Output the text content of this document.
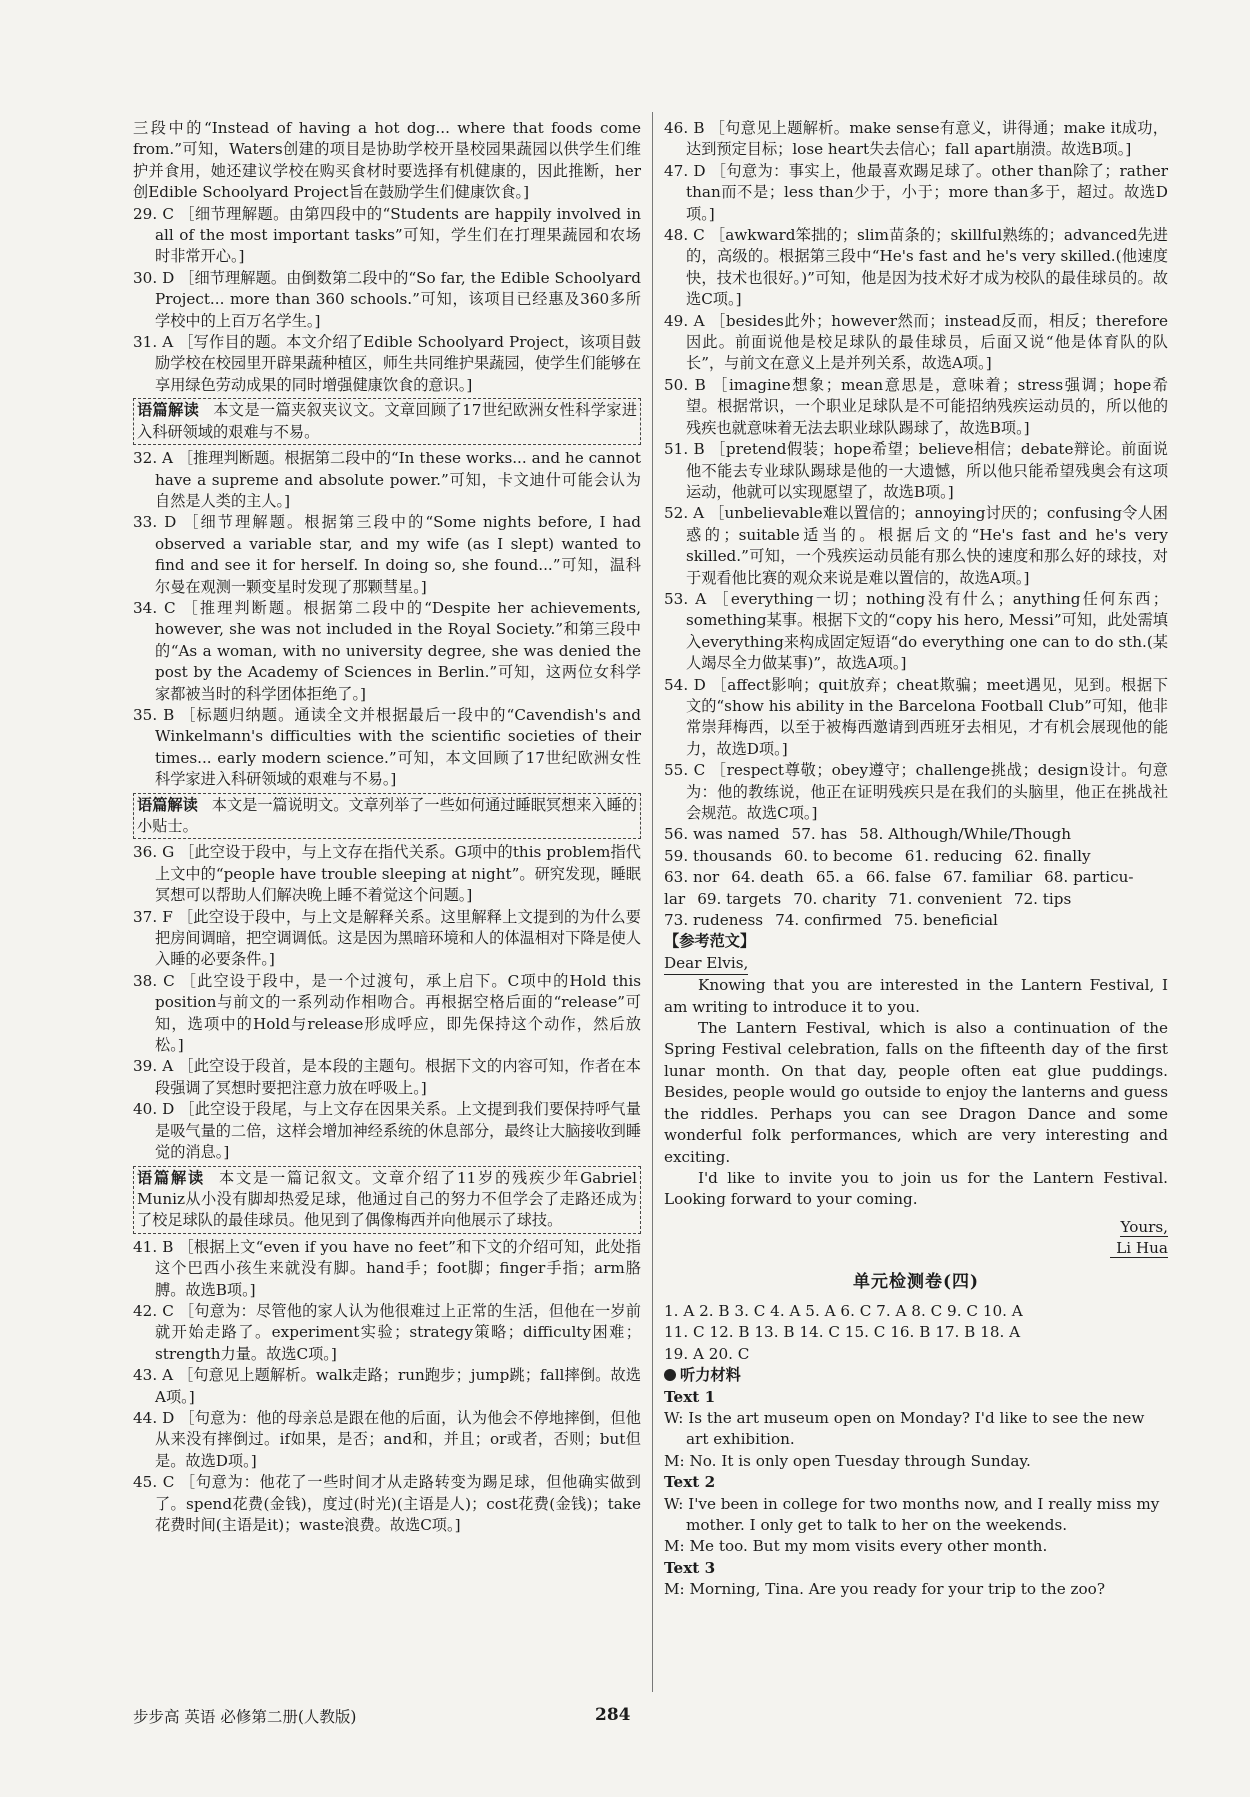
三段中的“Instead of having a hot dog... where that foods come from.”可知，Waters创建的项目是协助学校开垦校园果蔬园以供学生们维护并食用，她还建议学校在购买食材时要选择有机健康的，因此推断，her创Edible Schoolyard Project旨在鼓励学生们健康饮食。]

29. C ［细节理解题。由第四段中的“Students are happily involved in all of the most important tasks”可知，学生们在打理果蔬园和农场时非常开心。]

30. D ［细节理解题。由倒数第二段中的“So far, the Edible Schoolyard Project... more than 360 schools.”可知，该项目已经惠及360多所学校中的上百万名学生。]

31. A ［写作目的题。本文介绍了Edible Schoolyard Project，该项目鼓励学校在校园里开辟果蔬种植区，师生共同维护果蔬园，使学生们能够在享用绿色劳动成果的同时增强健康饮食的意识。]

语篇解读 本文是一篇夹叙夹议文。文章回顾了17世纪欧洲女性科学家进入科研领域的艰难与不易。

32. A ［推理判断题。根据第二段中的“In these works... and he cannot have a supreme and absolute power.”可知，卡文迪什可能会认为自然是人类的主人。]

33. D ［细节理解题。根据第三段中的“Some nights before, I had observed a variable star, and my wife (as I slept) wanted to find and see it for herself. In doing so, she found...”可知，温科尔曼在观测一颗变星时发现了那颗彗星。]

34. C ［推理判断题。根据第二段中的“Despite her achievements, however, she was not included in the Royal Society.”和第三段中的“As a woman, with no university degree, she was denied the post by the Academy of Sciences in Berlin.”可知，这两位女科学家都被当时的科学团体拒绝了。]

35. B ［标题归纳题。通读全文并根据最后一段中的“Cavendish's and Winkelmann's difficulties with the scientific societies of their times... early modern science.”可知，本文回顾了17世纪欧洲女性科学家进入科研领域的艰难与不易。]

语篇解读 本文是一篇说明文。文章列举了一些如何通过睡眠冥想来入睡的小贴士。

36. G ［此空设于段中，与上文存在指代关系。G项中的this problem指代上文中的“people have trouble sleeping at night”。研究发现，睡眠冥想可以帮助人们解决晚上睡不着觉这个问题。]

37. F ［此空设于段中，与上文是解释关系。这里解释上文提到的为什么要把房间调暗，把空调调低。这是因为黑暗环境和人的体温相对下降是使人入睡的必要条件。]

38. C ［此空设于段中，是一个过渡句，承上启下。C项中的Hold this position与前文的一系列动作相吻合。再根据空格后面的“release”可知，选项中的Hold与release形成呼应，即先保持这个动作，然后放松。]

39. A ［此空设于段首，是本段的主题句。根据下文的内容可知，作者在本段强调了冥想时要把注意力放在呼吸上。]

40. D ［此空设于段尾，与上文存在因果关系。上文提到我们要保持呼气量是吸气量的二倍，这样会增加神经系统的休息部分，最终让大脑接收到睡觉的消息。]

语篇解读 本文是一篇记叙文。文章介绍了11岁的残疾少年Gabriel Muniz从小没有脚却热爱足球，他通过自己的努力不但学会了走路还成为了校足球队的最佳球员。他见到了偶像梅西并向他展示了球技。

41. B ［根据上文“even if you have no feet”和下文的介绍可知，此处指这个巴西小孩生来就没有脚。hand手；foot脚；finger手指；arm胳膊。故选B项。]

42. C ［句意为：尽管他的家人认为他很难过上正常的生活，但他在一岁前就开始走路了。experiment实验；strategy策略；difficulty困难；strength力量。故选C项。]

43. A ［句意见上题解析。walk走路；run跑步；jump跳；fall摔倒。故选A项。]

44. D ［句意为：他的母亲总是跟在他的后面，认为他会不停地摔倒，但他从来没有摔倒过。if如果，是否；and和，并且；or或者，否则；but但是。故选D项。]

45. C ［句意为：他花了一些时间才从走路转变为踢足球，但他确实做到了。spend花费(金钱)，度过(时光)(主语是人)；cost花费(金钱)；take花费时间(主语是it)；waste浪费。故选C项。]

46. B ［句意见上题解析。make sense有意义，讲得通；make it成功，达到预定目标；lose heart失去信心；fall apart崩溃。故选B项。]

47. D ［句意为：事实上，他最喜欢踢足球了。other than除了；rather than而不是；less than少于，小于；more than多于，超过。故选D项。]

48. C ［awkward笨拙的；slim苗条的；skillful熟练的；advanced先进的，高级的。根据第三段中“He's fast and he's very skilled.(他速度快，技术也很好。)”可知，他是因为技术好才成为校队的最佳球员的。故选C项。]

49. A ［besides此外；however然而；instead反而，相反；therefore因此。前面说他是校足球队的最佳球员，后面又说“他是体育队的队长”，与前文在意义上是并列关系，故选A项。]

50. B ［imagine想象；mean意思是，意味着；stress强调；hope希望。根据常识，一个职业足球队是不可能招纳残疾运动员的，所以他的残疾也就意味着无法去职业球队踢球了，故选B项。]

51. B ［pretend假装；hope希望；believe相信；debate辩论。前面说他不能去专业球队踢球是他的一大遗憾，所以他只能希望残奥会有这项运动，他就可以实现愿望了，故选B项。]

52. A ［unbelievable难以置信的；annoying讨厌的；confusing令人困惑的；suitable适当的。根据后文的“He's fast and he's very skilled.”可知，一个残疾运动员能有那么快的速度和那么好的球技，对于观看他比赛的观众来说是难以置信的，故选A项。]

53. A ［everything一切；nothing没有什么；anything任何东西；something某事。根据下文的“copy his hero, Messi”可知，此处需填入everything来构成固定短语“do everything one can to do sth.(某人竭尽全力做某事)”，故选A项。]

54. D ［affect影响；quit放弃；cheat欺骗；meet遇见，见到。根据下文的“show his ability in the Barcelona Football Club”可知，他非常崇拜梅西，以至于被梅西邀请到西班牙去相见，才有机会展现他的能力，故选D项。]

55. C ［respect尊敬；obey遵守；challenge挑战；design设计。句意为：他的教练说，他正在证明残疾只是在我们的头脑里，他正在挑战社会规范。故选C项。]

56. was named 57. has 58. Although/While/Though
59. thousands 60. to become 61. reducing 62. finally
63. nor 64. death 65. a 66. false 67. familiar 68. particu-
lar 69. targets 70. charity 71. convenient 72. tips
73. rudeness 74. confirmed 75. beneficial
【参考范文】
Dear Elvis,

Knowing that you are interested in the Lantern Festival, I am writing to introduce it to you.

The Lantern Festival, which is also a continuation of the Spring Festival celebration, falls on the fifteenth day of the first lunar month. On that day, people often eat glue puddings. Besides, people would go outside to enjoy the lanterns and guess the riddles. Perhaps you can see Dragon Dance and some wonderful folk performances, which are very interesting and exciting.

I'd like to invite you to join us for the Lantern Festival. Looking forward to your coming.

Yours,
Li Hua
单元检测卷(四)
1. A 2. B 3. C 4. A 5. A 6. C 7. A 8. C 9. C 10. A
11. C 12. B 13. B 14. C 15. C 16. B 17. B 18. A
19. A 20. C
听力材料
Text 1
W: Is the art museum open on Monday? I'd like to see the new art exhibition.
M: No. It is only open Tuesday through Sunday.
Text 2
W: I've been in college for two months now, and I really miss my mother. I only get to talk to her on the weekends.
M: Me too. But my mom visits every other month.
Text 3
M: Morning, Tina. Are you ready for your trip to the zoo?
步步高 英语 必修第二册(人教版)	284
